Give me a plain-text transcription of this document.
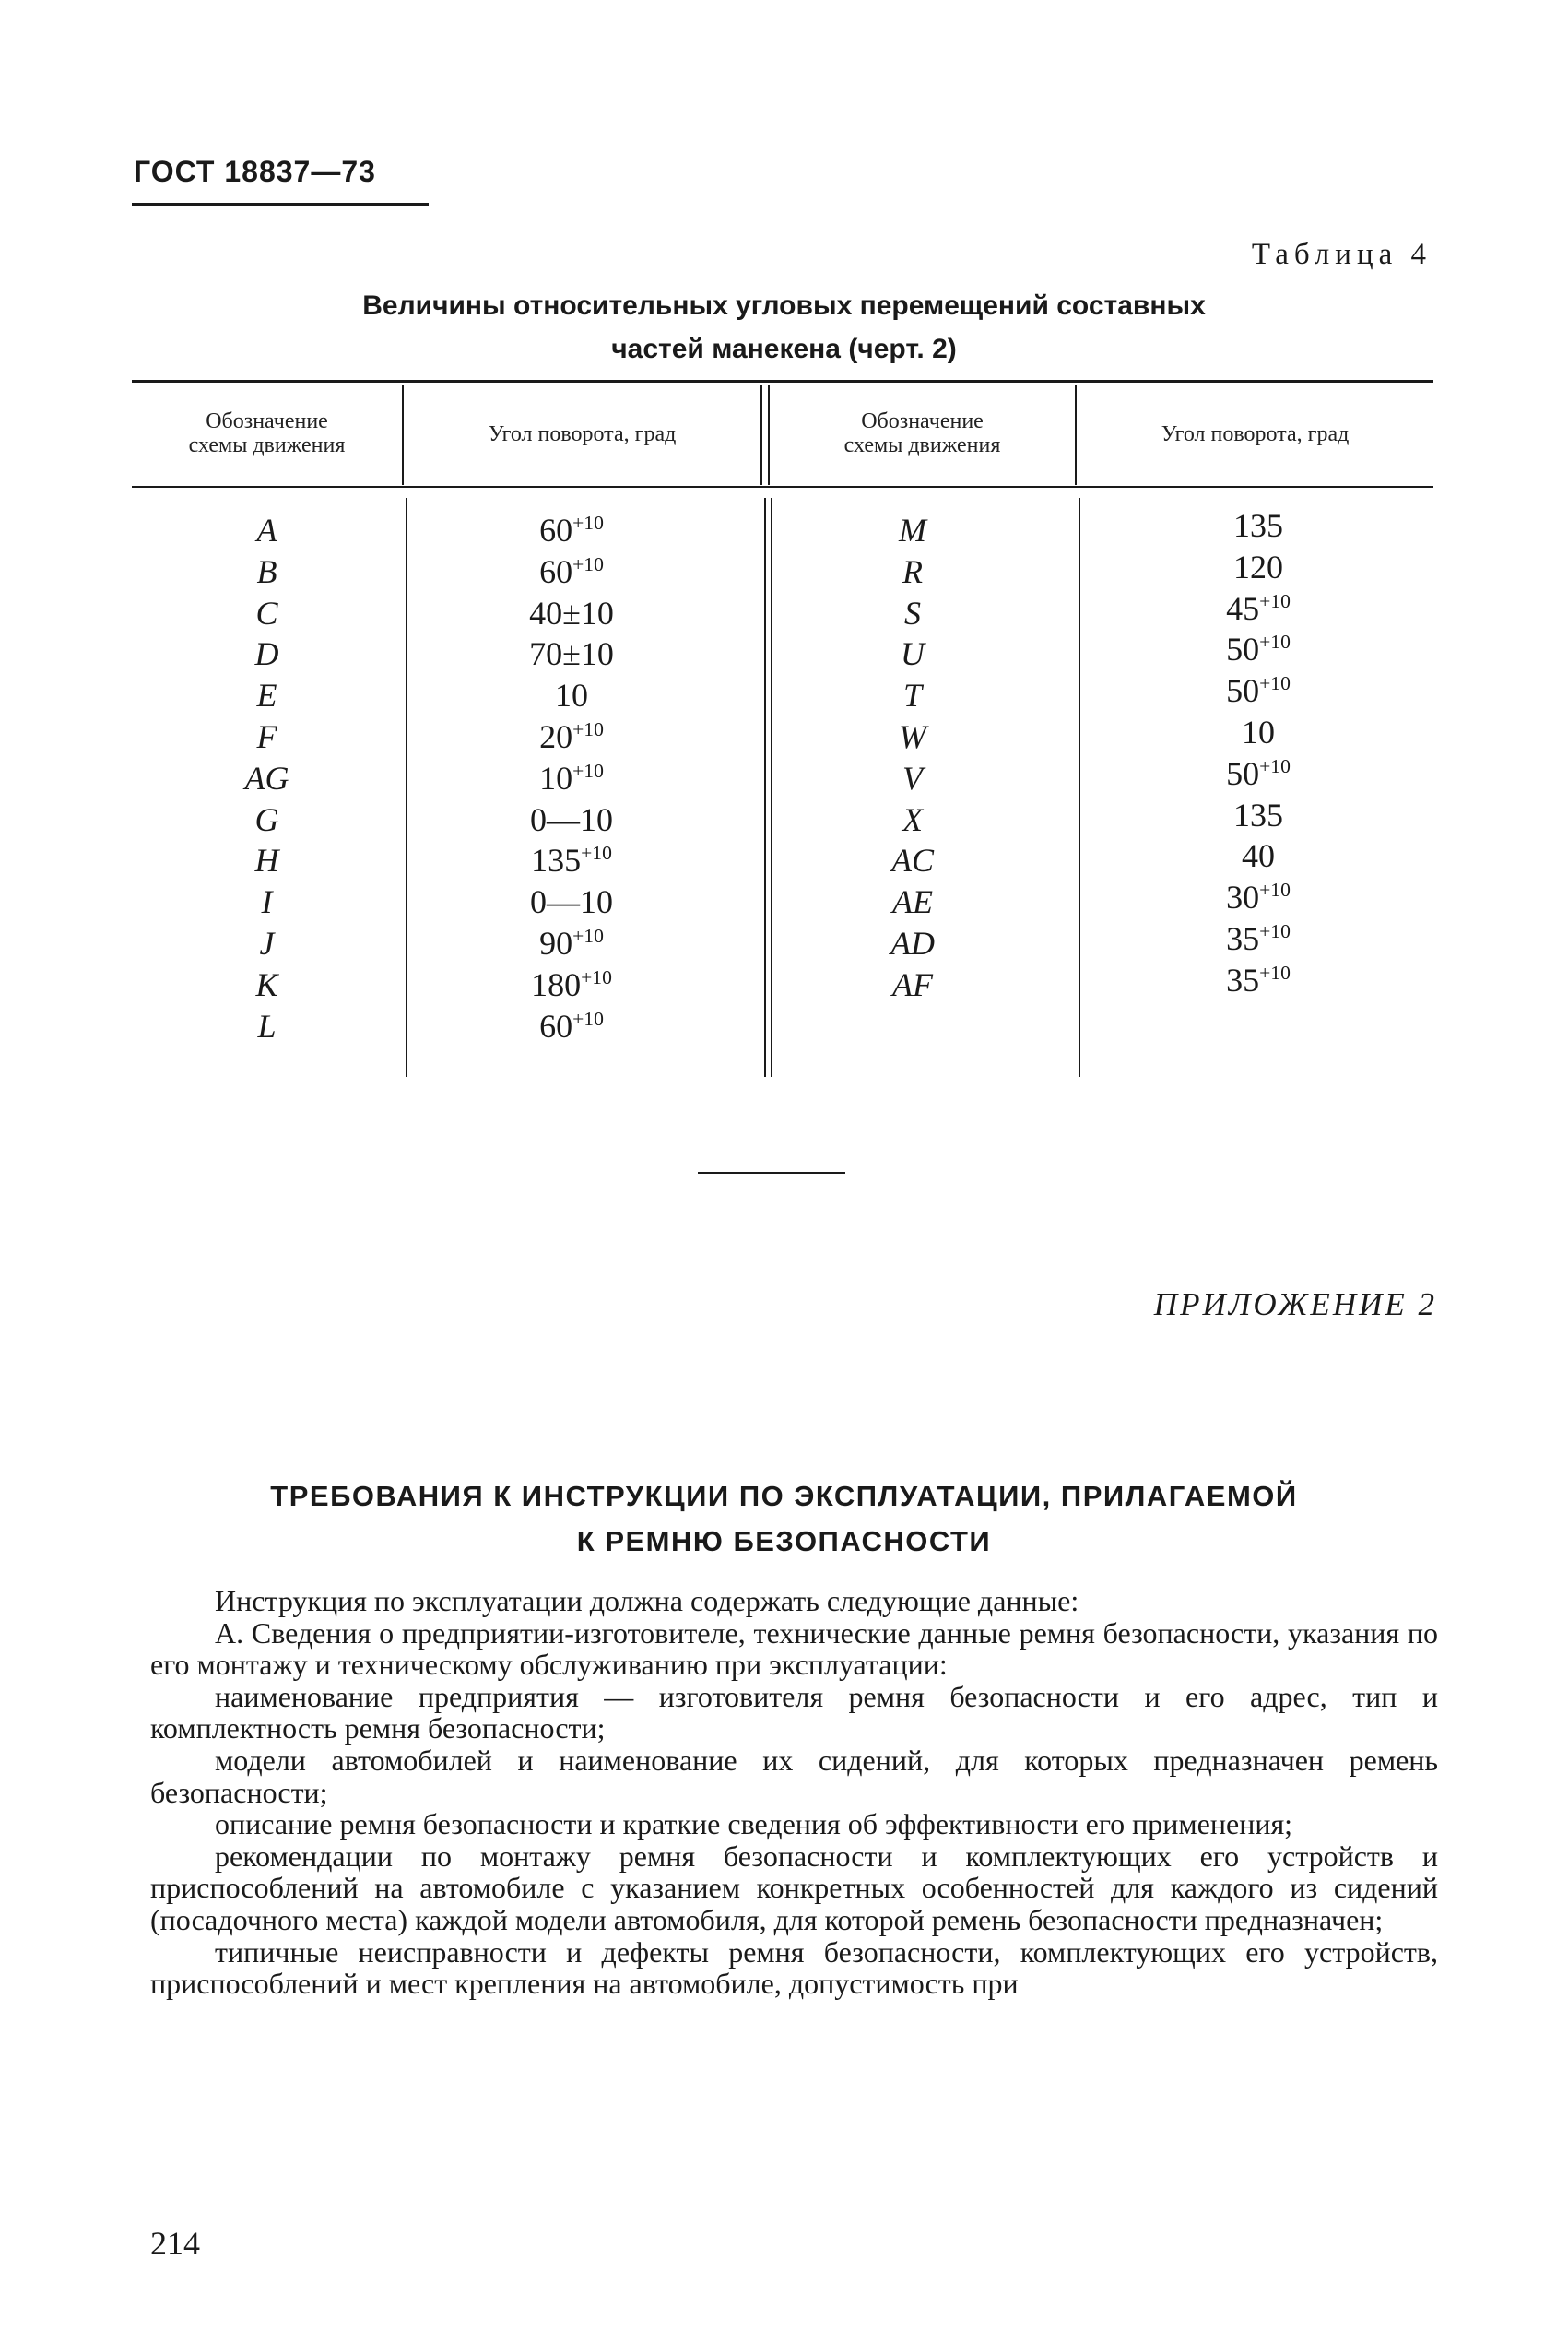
ГОСТ 18837—73
Таблица 4
Величины относительных угловых перемещений составных
частей манекена (черт. 2)
Обозначение
схемы движения	Угол поворота, град
Обозначение
схемы движения	Угол поворота, град
A
B
C
D
E
F
AG
G
H
I
J
K
L
$60^{+10}$
$60^{+10}$
40±10
70±10
10
$20^{+10}$
$10^{+10}$
0—10
$135^{+10}$
0—10
$90^{+10}$
$180^{+10}$
$60^{+10}$
M
R
S
U
T
W
V
X
AC
AE
AD
AF
135
120
$45^{+10}$
$50^{+10}$
$50^{+10}$
10
$50^{+10}$
135
40
$30^{+10}$
$35^{+10}$
$35^{+10}$
ПРИЛОЖЕНИЕ 2
ТРЕБОВАНИЯ К ИНСТРУКЦИИ ПО ЭКСПЛУАТАЦИИ, ПРИЛАГАЕМОЙ
К РЕМНЮ БЕЗОПАСНОСТИ
Инструкция по эксплуатации должна содержать следующие данные:
А. Сведения о предприятии-изготовителе, технические данные ремня безопасности, указания по его монтажу и техническому обслуживанию при эксплуатации:
наименование предприятия — изготовителя ремня безопасности и его адрес, тип и комплектность ремня безопасности;
модели автомобилей и наименование их сидений, для которых предназначен ремень безопасности;
описание ремня безопасности и краткие сведения об эффективности его применения;
рекомендации по монтажу ремня безопасности и комплектующих его устройств и приспособлений на автомобиле с указанием конкретных особенностей для каждого из сидений (посадочного места) каждой модели автомобиля, для которой ремень безопасности предназначен;
типичные неисправности и дефекты ремня безопасности, комплектующих его устройств, приспособлений и мест крепления на автомобиле, допустимость при
214
